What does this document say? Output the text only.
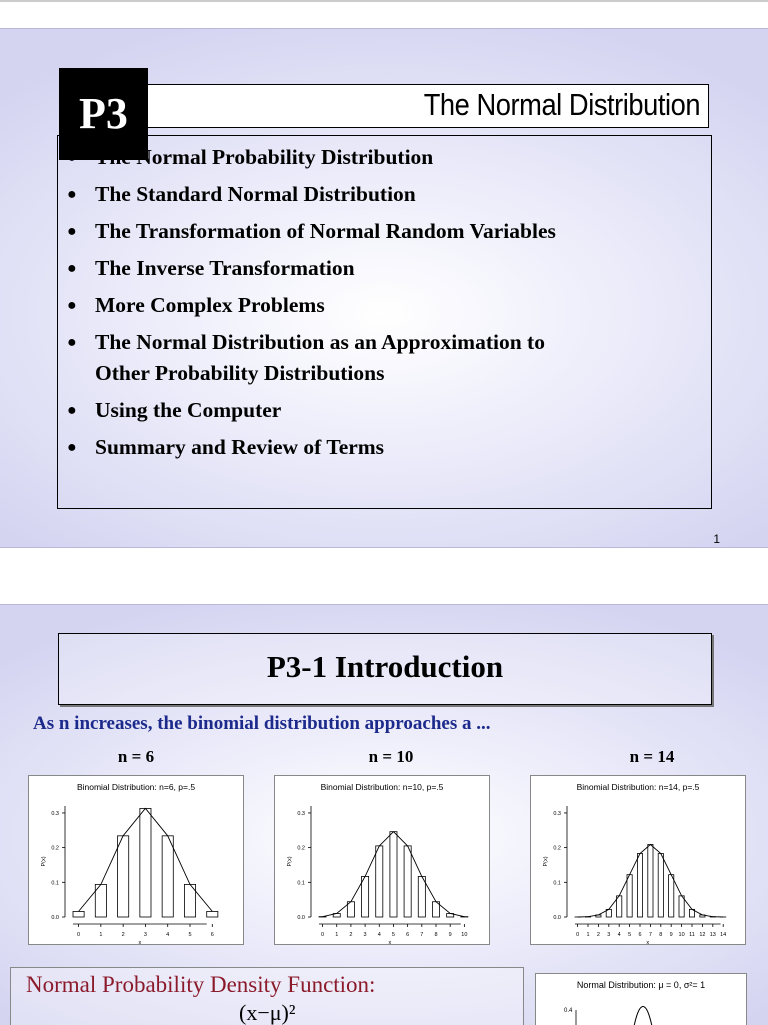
P3	The Normal Distribution
● The Normal Probability Distribution
● The Standard Normal Distribution
● The Transformation of Normal Random Variables
● The Inverse Transformation
● More Complex Problems
● The Normal Distribution as an Approximation to
Other Probability Distributions
● Using the Computer
● Summary and Review of Terms
1
P3-1 Introduction
As n increases, the binomial distribution approaches a ...
n = 6	n = 10	n = 14
Binomial Distribution: n=6, p=.5
0.0
0.1
0.2
0.3
P(x)
0	1	2	3	4	5	6
x
Binomial Distribution: n=10, p=.5
0.0
0.1
0.2
0.3
P(x)
0 1 2 3 4 5 6 7 8 9 10
x
Binomial Distribution: n=14, p=.5
0.0
0.1
0.2
0.3
P(x)
0 1 2 3 4 5 6 7 8 9 10 11 12 13 14
x
Normal Probability Density Function:
(x−μ)²
Normal Distribution: μ = 0, σ²= 1
0.4
